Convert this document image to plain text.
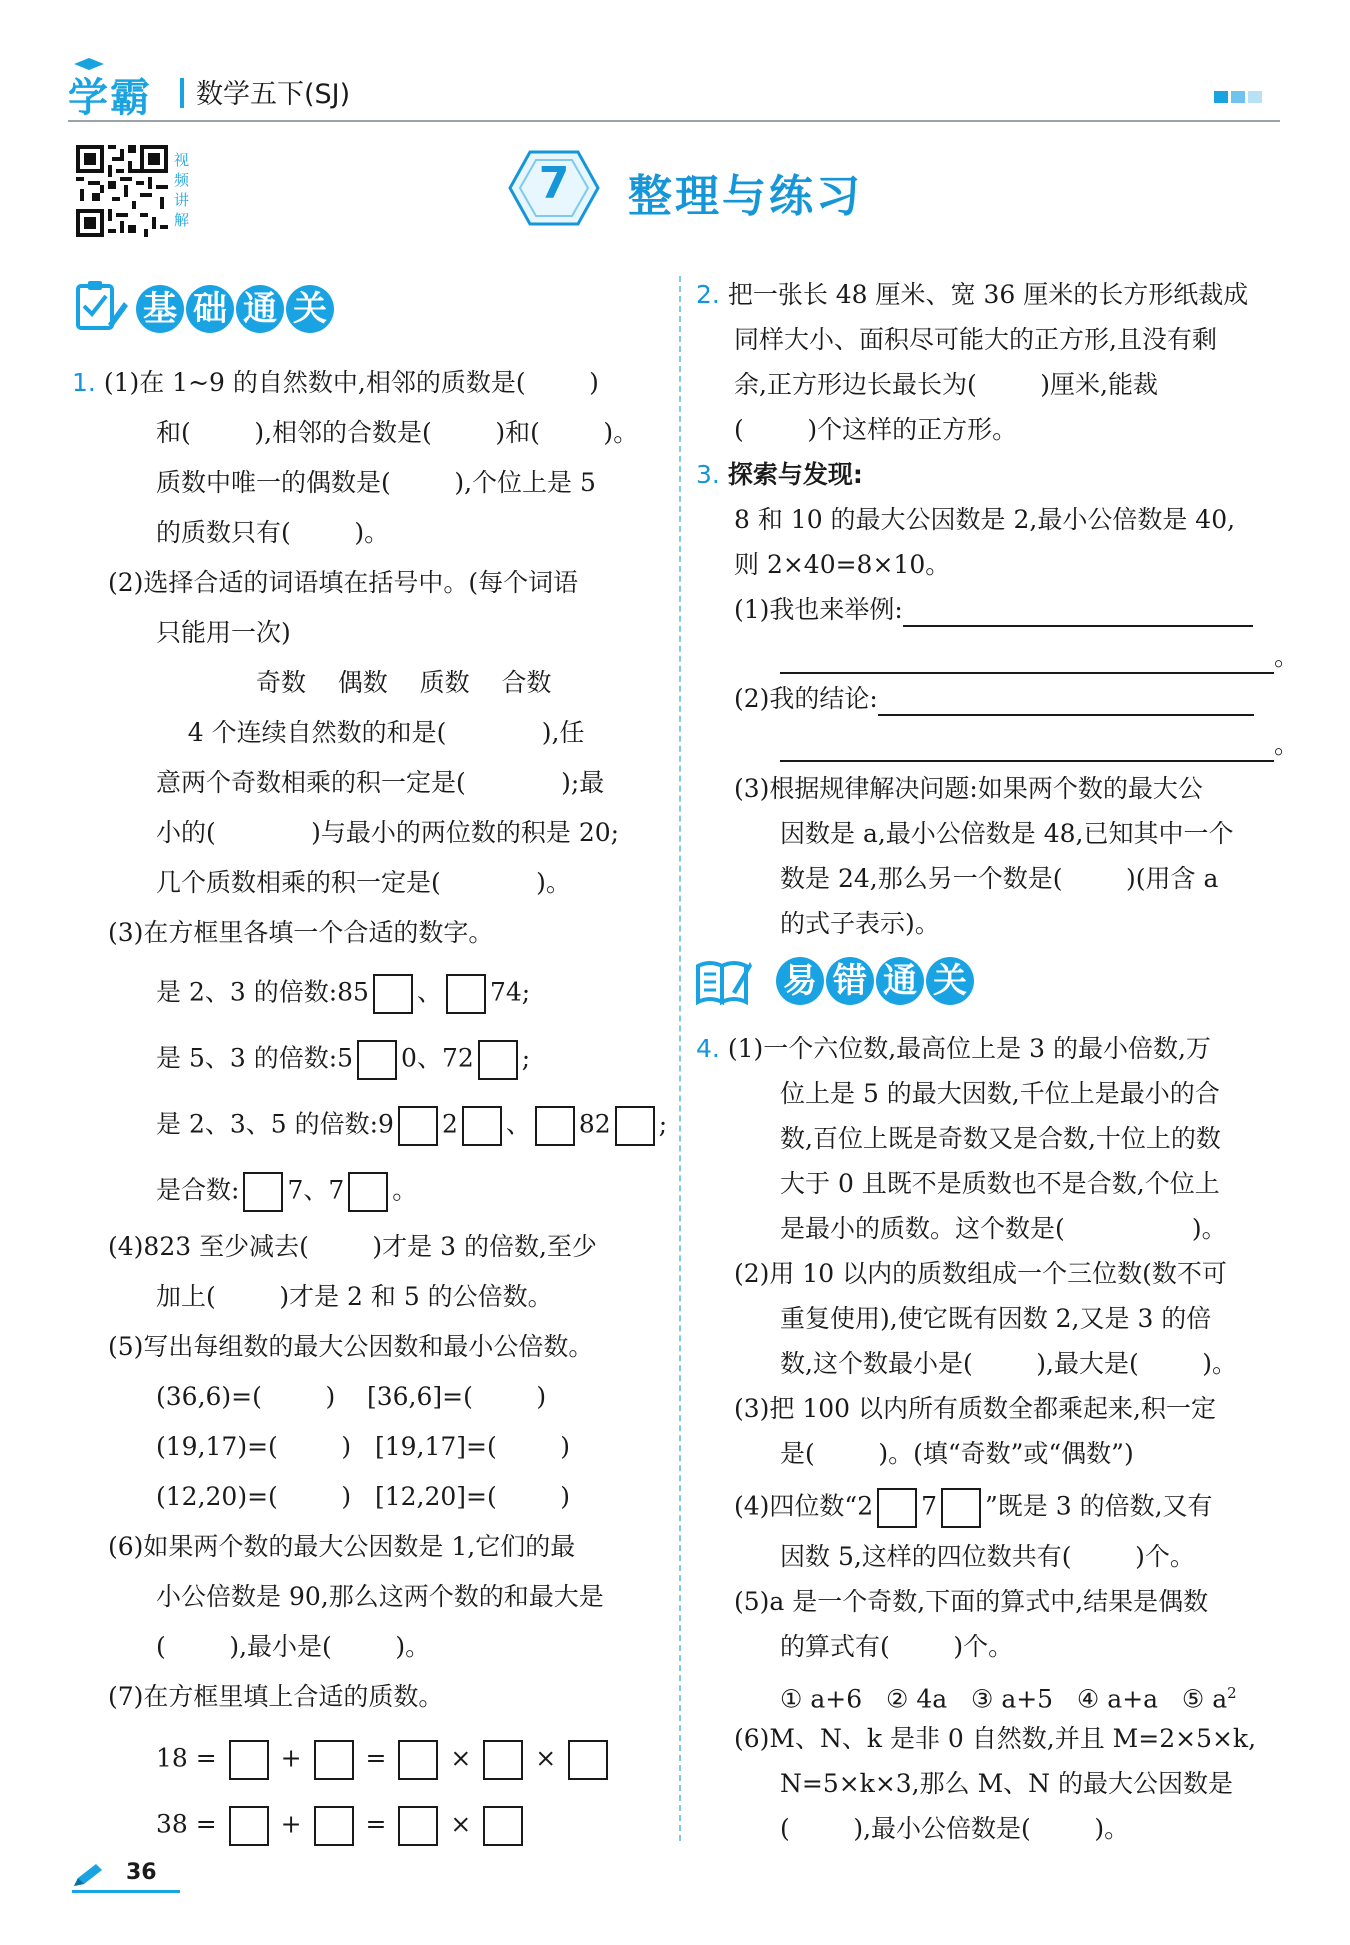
学霸 数学五下(SJ)
视频讲解
7	整理与练习
基 础 通 关
1. (1)在 1~9 的自然数中,相邻的质数是(        )
和(        ),相邻的合数是(        )和(        )。
质数中唯一的偶数是(        ),个位上是 5
的质数只有(        )。
(2)选择合适的词语填在括号中。(每个词语
只能用一次)
奇数    偶数    质数    合数
4 个连续自然数的和是(            ),任
意两个奇数相乘的积一定是(            );最
小的(            )与最小的两位数的积是 20;
几个质数相乘的积一定是(            )。
(3)在方框里各填一个合适的数字。
是 2、3 的倍数:85 、 74;
是 5、3 的倍数:5 0、72 ;
是 2、3、5 的倍数:9 2 、 82 ;
是合数: 7、7 。
(4)823 至少减去(        )才是 3 的倍数,至少
加上(        )才是 2 和 5 的公倍数。
(5)写出每组数的最大公因数和最小公倍数。
(36,6)=(        )    [36,6]=(        )
(19,17)=(        )   [19,17]=(        )
(12,20)=(        )   [12,20]=(        )
(6)如果两个数的最大公因数是 1,它们的最
小公倍数是 90,那么这两个数的和最大是
(        ),最小是(        )。
(7)在方框里填上合适的质数。
18 =	+	=	×	×
38 =	+	=	×
2. 把一张长 48 厘米、宽 36 厘米的长方形纸裁成
同样大小、面积尽可能大的正方形,且没有剩
余,正方形边长最长为(        )厘米,能裁
(        )个这样的正方形。
3. 探索与发现:
8 和 10 的最大公因数是 2,最小公倍数是 40,
则 2×40=8×10。
(1)我也来举例:
。
(2)我的结论:
。
(3)根据规律解决问题:如果两个数的最大公
因数是 a,最小公倍数是 48,已知其中一个
数是 24,那么另一个数是(        )(用含 a
的式子表示)。
易 错 通 关
4. (1)一个六位数,最高位上是 3 的最小倍数,万
位上是 5 的最大因数,千位上是最小的合
数,百位上既是奇数又是合数,十位上的数
大于 0 且既不是质数也不是合数,个位上
是最小的质数。这个数是(                )。
(2)用 10 以内的质数组成一个三位数(数不可
重复使用),使它既有因数 2,又是 3 的倍
数,这个数最小是(        ),最大是(        )。
(3)把 100 以内所有质数全都乘起来,积一定
是(        )。(填“奇数”或“偶数”)
(4)四位数“2 7 ”既是 3 的倍数,又有
因数 5,这样的四位数共有(        )个。
(5)a 是一个奇数,下面的算式中,结果是偶数
的算式有(        )个。
① a+6   ② 4a   ③ a+5   ④ a+a   ⑤ $a^2$
(6)M、N、k 是非 0 自然数,并且 M=2×5×k,
N=5×k×3,那么 M、N 的最大公因数是
(        ),最小公倍数是(        )。
36
